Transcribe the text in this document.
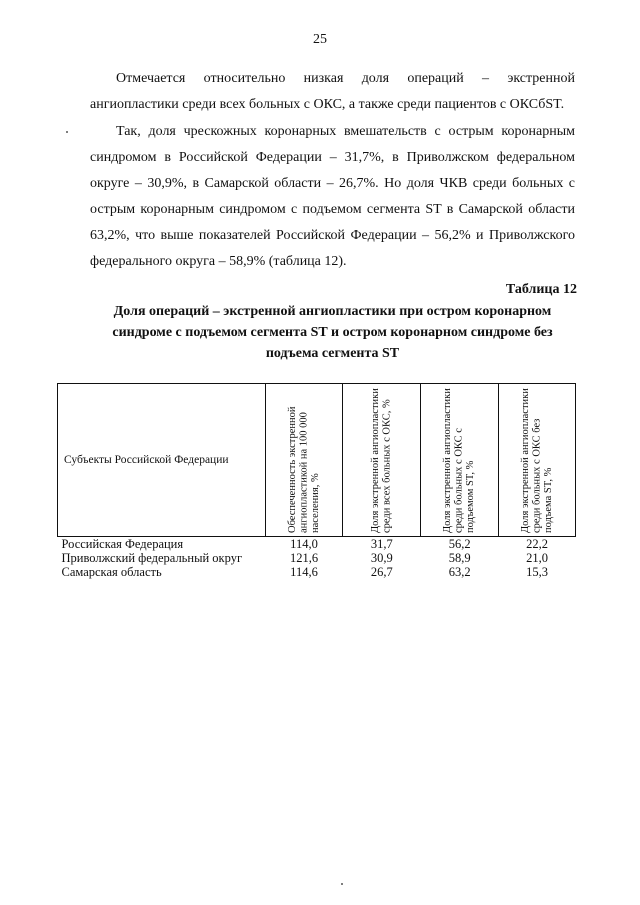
25
Отмечается относительно низкая доля операций – экстренной ангиопластики среди всех больных с ОКС, а также среди пациентов с ОКСбST.
Так, доля чрескожных коронарных вмешательств с острым коронарным синдромом в Российской Федерации – 31,7%, в Приволжском федеральном округе – 30,9%, в Самарской области – 26,7%. Но доля ЧКВ среди больных с острым коронарным синдромом с подъемом сегмента ST в Самарской области 63,2%, что выше показателей Российской Федерации – 56,2% и Приволжского федерального округа – 58,9% (таблица 12).
Таблица 12
Доля операций – экстренной ангиопластики при остром коронарном синдроме с подъемом сегмента ST и остром коронарном синдроме без подъема сегмента ST
Субъекты Российской Федерации	Обеспеченность экстренной ангиопластикой на 100 000 населения, %	Доля экстренной ангиопластики среди всех больных с ОКС, %	Доля экстренной ангиопластики среди больных с ОКС с подъемом ST, %	Доля экстренной ангиопластики среди больных с ОКС без подъема ST, %

Российская Федерация	114,0	31,7	56,2	22,2
Приволжский федеральный округ	121,6	30,9	58,9	21,0
Самарская область	114,6	26,7	63,2	15,3
